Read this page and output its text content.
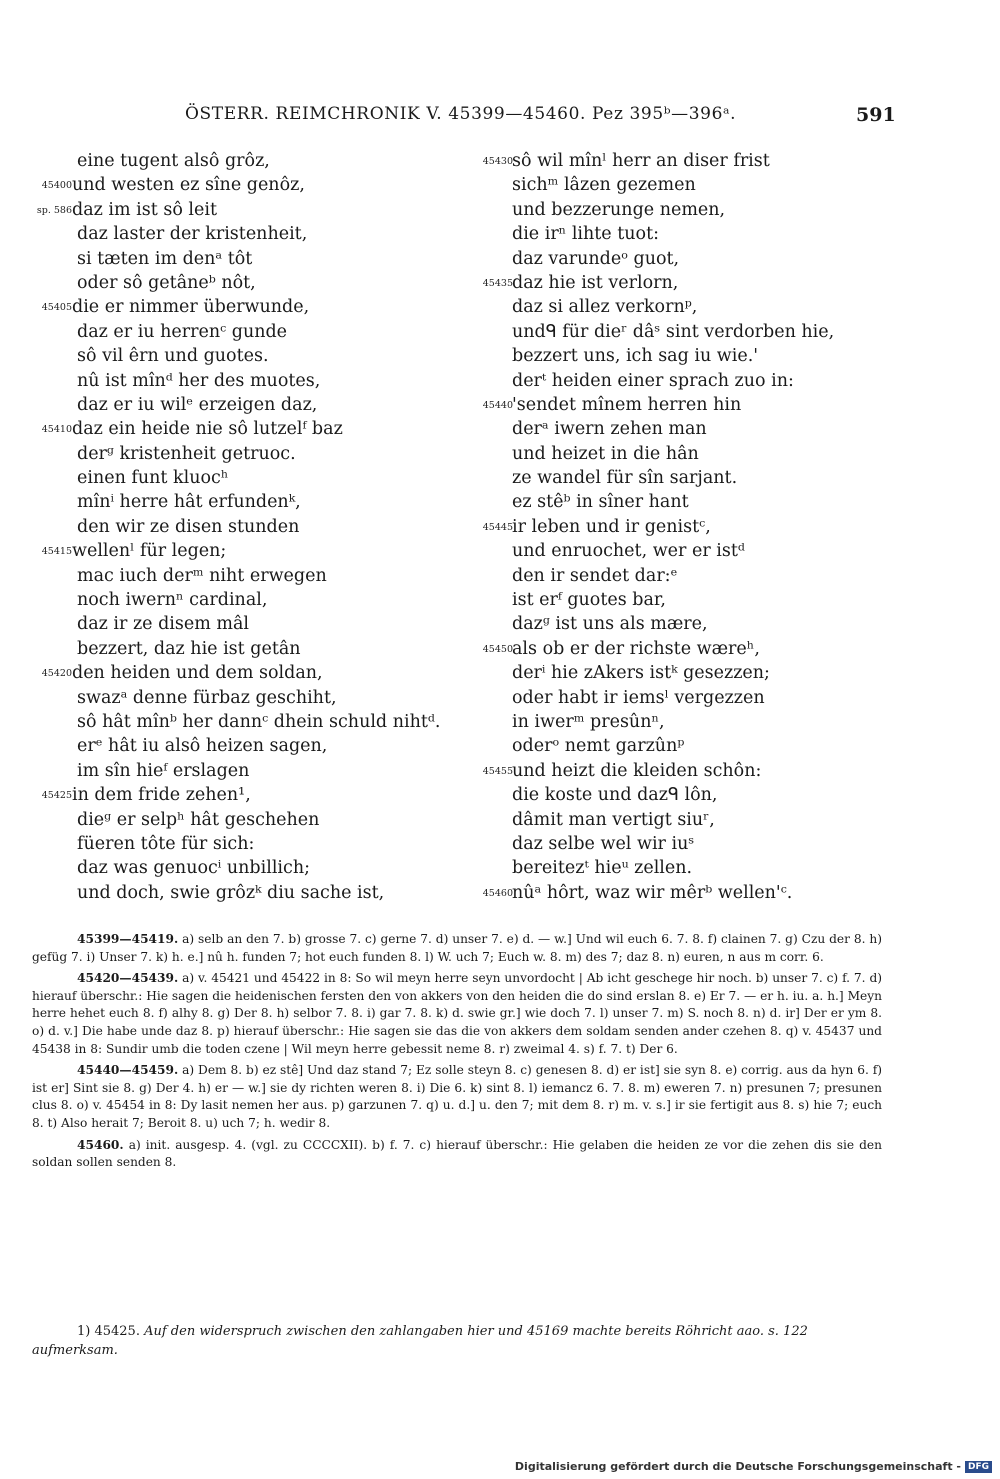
ÖSTERR. REIMCHRONIK V. 45399—45460. Pez 395ᵇ—396ᵃ.	591
eine tugent alsô grôz,
45400 und westen ez sîne genôz,
sp. 586 daz im ist sô leit
daz laster der kristenheit,
si tæten im denᵃ tôt
oder sô getâneᵇ nôt,
45405 die er nimmer überwunde,
daz er iu herrenᶜ gunde
sô vil êrn und guotes.
nû ist mînᵈ her des muotes,
daz er iu wilᵉ erzeigen daz,
45410 daz ein heide nie sô lutzelᶠ baz
derᵍ kristenheit getruoc.
einen funt kluocʰ
mînⁱ herre hât erfundenᵏ,
den wir ze disen stunden
45415 wellenˡ für legen;
mac iuch derᵐ niht erwegen
noch iwernⁿ cardinal,
daz ir ze disem mâl
bezzert, daz hie ist getân
45420 den heiden und dem soldan,
swazᵃ denne fürbaz geschiht,
sô hât mînᵇ her dannᶜ dhein schuld nihtᵈ.
erᵉ hât iu alsô heizen sagen,
im sîn hieᶠ erslagen
45425 in dem fride zehen¹,
dieᵍ er selpʰ hât geschehen
füeren tôte für sich:
daz was genuocⁱ unbillich;
und doch, swie grôzᵏ diu sache ist,
45430 sô wil mînˡ herr an diser frist
sichᵐ lâzen gezemen
und bezzerunge nemen,
die irⁿ lihte tuot:
daz varundeᵒ guot,
45435 daz hie ist verlorn,
daz si allez verkornᵖ,
undᑫ für dieʳ dâˢ sint verdorben hie,
bezzert uns, ich sag iu wie.'
derᵗ heiden einer sprach zuo in:
45440 'sendet mînem herren hin
derᵃ iwern zehen man
und heizet in die hân
ze wandel für sîn sarjant.
ez stêᵇ in sîner hant
45445 ir leben und ir genistᶜ,
und enruochet, wer er istᵈ
den ir sendet dar:ᵉ
ist erᶠ guotes bar,
dazᵍ ist uns als mære,
45450 als ob er der richste wæreʰ,
derⁱ hie zAkers istᵏ gesezzen;
oder habt ir iemsˡ vergezzen
in iwerᵐ presûnⁿ,
oderᵒ nemt garzûnᵖ
45455 und heizt die kleiden schôn:
die koste und dazᑫ lôn,
dâmit man vertigt siuʳ,
daz selbe wel wir iuˢ
bereitezᵗ hieᵘ zellen.
45460 nûᵃ hôrt, waz wir mêrᵇ wellen'ᶜ.

45399—45419. a) selb an den 7. b) grosse 7. c) gerne 7. d) unser 7. e) d. — w.] Und wil euch 6. 7. 8. f) clainen 7. g) Czu der 8. h) gefüg 7. i) Unser 7. k) h. e.] nû h. funden 7; hot euch funden 8. l) W. uch 7; Euch w. 8. m) des 7; daz 8. n) euren, n aus m corr. 6.

45420—45439. a) v. 45421 und 45422 in 8: So wil meyn herre seyn unvordocht | Ab icht geschege hir noch. b) unser 7. c) f. 7. d) hierauf überschr.: Hie sagen die heidenischen fersten den von akkers von den heiden die do sind erslan 8. e) Er 7. — er h. iu. a. h.] Meyn herre hehet euch 8. f) alhy 8. g) Der 8. h) selbor 7. 8. i) gar 7. 8. k) d. swie gr.] wie doch 7. l) unser 7. m) S. noch 8. n) d. ir] Der er ym 8. o) d. v.] Die habe unde daz 8. p) hierauf überschr.: Hie sagen sie das die von akkers dem soldam senden ander czehen 8. q) v. 45437 und 45438 in 8: Sundir umb die toden czene | Wil meyn herre gebessit neme 8. r) zweimal 4. s) f. 7. t) Der 6.

45440—45459. a) Dem 8. b) ez stê] Und daz stand 7; Ez solle steyn 8. c) genesen 8. d) er ist] sie syn 8. e) corrig. aus da hyn 6. f) ist er] Sint sie 8. g) Der 4. h) er — w.] sie dy richten weren 8. i) Die 6. k) sint 8. l) iemancz 6. 7. 8. m) eweren 7. n) presunen 7; presunen clus 8. o) v. 45454 in 8: Dy lasit nemen her aus. p) garzunen 7. q) u. d.] u. den 7; mit dem 8. r) m. v. s.] ir sie fertigit aus 8. s) hie 7; euch 8. t) Also herait 7; Beroit 8. u) uch 7; h. wedir 8.

45460. a) init. ausgesp. 4. (vgl. zu CCCCXII). b) f. 7. c) hierauf überschr.: Hie gelaben die heiden ze vor die zehen dis sie den soldan sollen senden 8.

1) 45425. Auf den widerspruch zwischen den zahlangaben hier und 45169 machte bereits Röhricht aao. s. 122 aufmerksam.
Digitalisierung gefördert durch die Deutsche Forschungsgemeinschaft - DFG
